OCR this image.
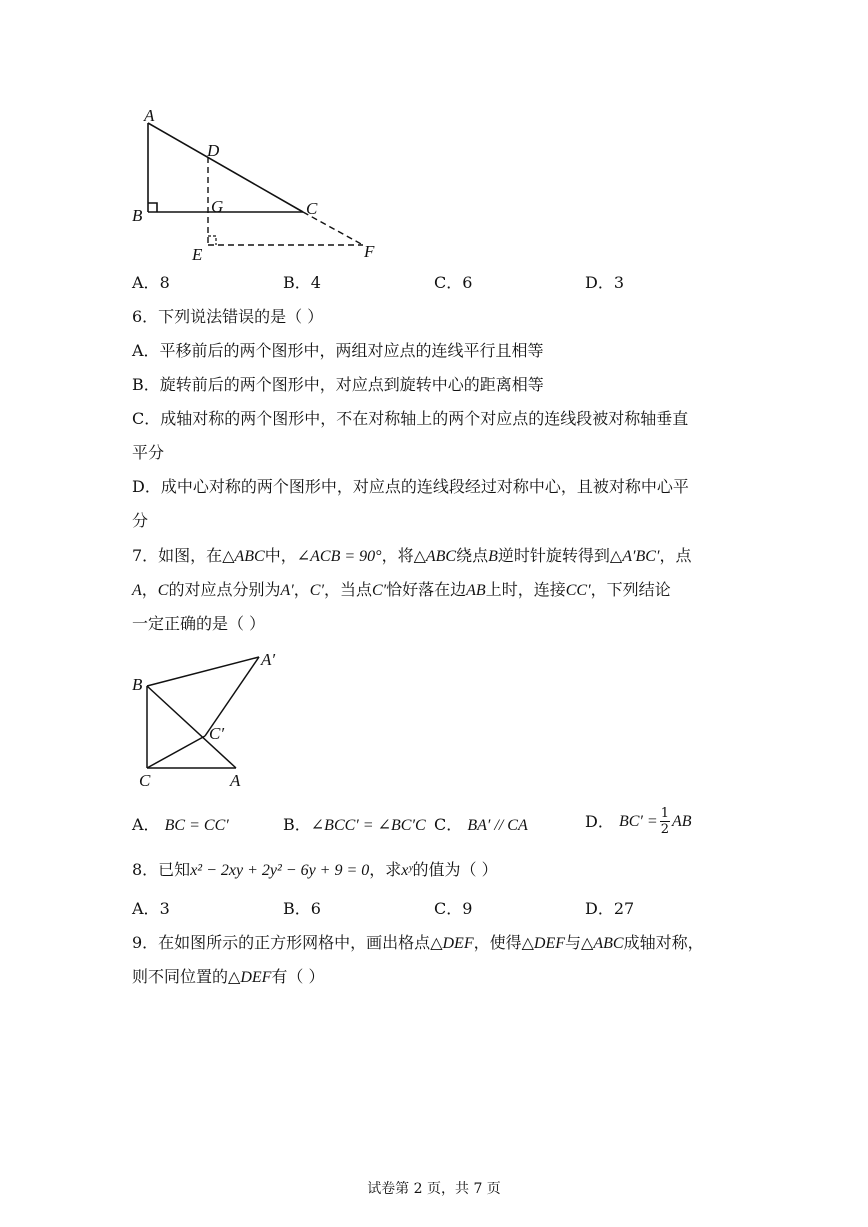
A
B	C
D
E	F
G
A．8	B．4	C．6	D．3
6．下列说法错误的是（ ）
A．平移前后的两个图形中，两组对应点的连线平行且相等
B．旋转前后的两个图形中，对应点到旋转中心的距离相等
C．成轴对称的两个图形中，不在对称轴上的两个对应点的连线段被对称轴垂直
平分
D．成中心对称的两个图形中，对应点的连线段经过对称中心，且被对称中心平
分
7．如图，在△ABC中，∠ACB = 90°，将△ABC绕点B逆时针旋转得到△A′BC′，点
A，C的对应点分别为A′，C′，当点C′恰好落在边AB上时，连接CC′，下列结论
一定正确的是（ ）
A′
B
C′
C	A
A． BC = CC′	B．∠BCC′ = ∠BC′C C． BA′ // CA	D． $BC' = \frac{1}{2}$ AB
8．已知x² − 2xy + 2y² − 6y + 9 = 0，求xʸ的值为（ ）
A．3	B．6	C．9	D．27
9．在如图所示的正方形网格中，画出格点△DEF，使得△DEF与△ABC成轴对称，
则不同位置的△DEF有（ ）
试卷第 2 页，共 7 页
